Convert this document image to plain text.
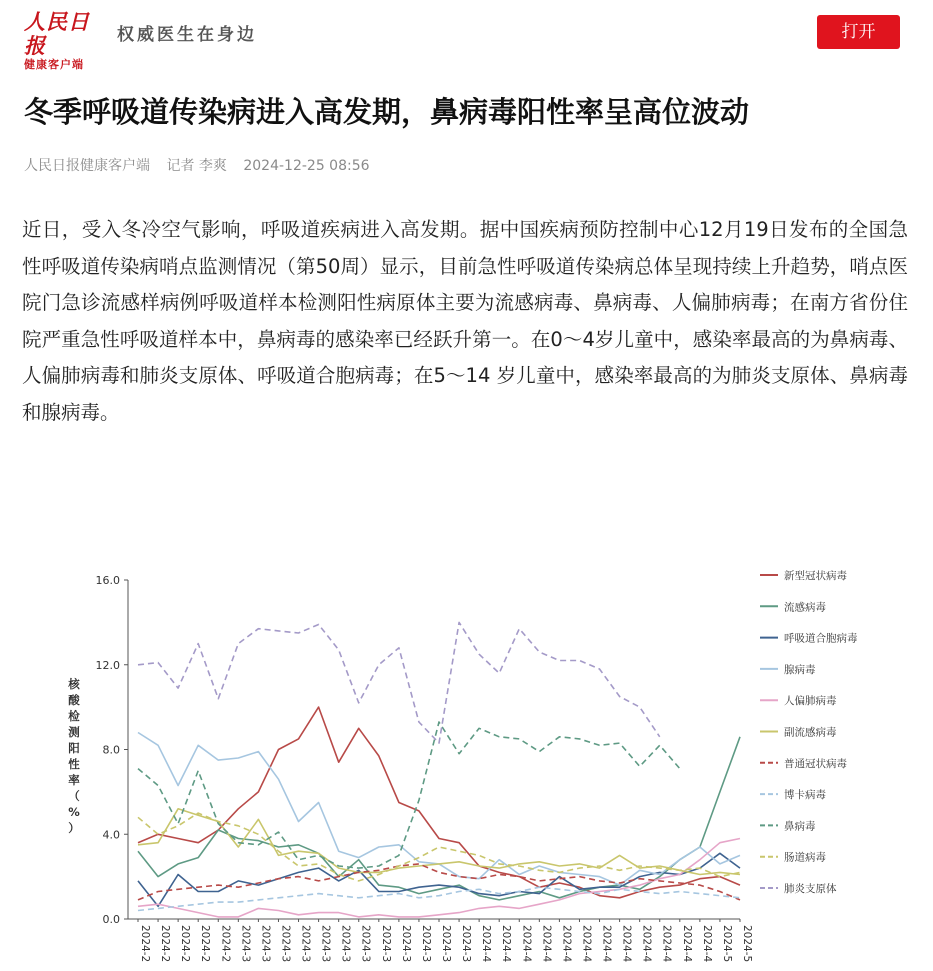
人民日报
健康客户端
权威医生在身边	打开
冬季呼吸道传染病进入高发期，鼻病毒阳性率呈高位波动
人民日报健康客户端 记者 李爽 2024-12-25 08:56

近日，受入冬冷空气影响，呼吸道疾病进入高发期。据中国疾病预防控制中心12月19日发布的全国急性呼吸道传染病哨点监测情况（第50周）显示，目前急性呼吸道传染病总体呈现持续上升趋势，哨点医院门急诊流感样病例呼吸道样本检测阳性病原体主要为流感病毒、鼻病毒、人偏肺病毒；在南方省份住院严重急性呼吸道样本中，鼻病毒的感染率已经跃升第一。在0～4岁儿童中，感染率最高的为鼻病毒、人偏肺病毒和肺炎支原体、呼吸道合胞病毒；在5～14 岁儿童中，感染率最高的为肺炎支原体、鼻病毒和腺病毒。

0.0
4.0
8.0
12.0
16.0
2024-2 2024-2 2024-2 2024-2 2024-2 2024-3 2024-3 2024-3 2024-3 2024-3 2024-3 2024-3 2024-3 2024-3 2024-3 2024-3 2024-3 2024-4 2024-4 2024-4 2024-4 2024-4 2024-4 2024-4 2024-4 2024-4 2024-4 2024-4 2024-4 2024-5 2024-5
核
酸
检
测
阳
性
率
（
%
）
新型冠状病毒
流感病毒
呼吸道合胞病毒
腺病毒
人偏肺病毒
副流感病毒
普通冠状病毒
博卡病毒
鼻病毒
肠道病毒
肺炎支原体
